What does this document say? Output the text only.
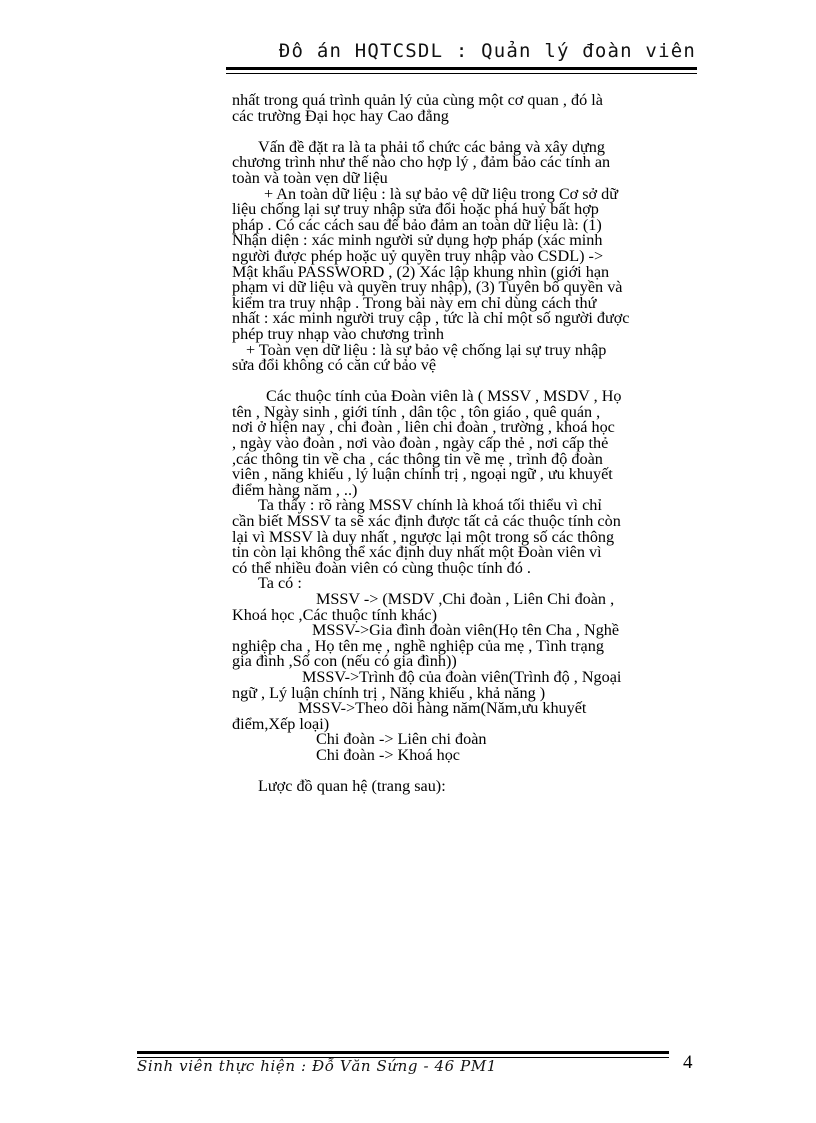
Đô án HQTCSDL : Quản lý đoàn viên
nhất trong quá trình quản lý của cùng một cơ quan , đó là
các trường Đại học hay Cao đẳng
Vấn đề đặt ra là ta phải tổ chức các bảng và xây dựng
chương trình như thế nào cho hợp lý , đảm bảo các tính an
toàn và toàn vẹn dữ liệu
+ An toàn dữ liệu : là sự bảo vệ dữ liệu trong Cơ sở dữ
liệu chống lại sự truy nhập sửa đổi hoặc phá huỷ bất hợp
pháp . Có các cách sau để bảo đảm an toàn dữ liệu là: (1)
Nhận diện : xác minh người sử dụng hợp pháp (xác minh
người được phép hoặc uỷ quyền truy nhập vào CSDL) ->
Mật khẩu PASSWORD , (2) Xác lập khung nhìn (giới hạn
phạm vi dữ liệu và quyền truy nhập), (3) Tuyên bố quyền và
kiểm tra truy nhập . Trong bài này em chỉ dùng cách thứ
nhất : xác minh người truy cập , tức là chỉ một số người được
phép truy nhạp vào chương trình
+ Toàn vẹn dữ liệu : là sự bảo vệ chống lại sự truy nhập
sửa đổi không có căn cứ bảo vệ
Các thuộc tính của Đoàn viên là ( MSSV , MSDV , Họ
tên , Ngày sinh , giới tính , dân tộc , tôn giáo , quê quán ,
nơi ở hiện nay , chi đoàn , liên chi đoàn , trường , khoá học
, ngày vào đoàn , nơi vào đoàn , ngày cấp thẻ , nơi cấp thẻ
,các thông tin về cha , các thông tin về mẹ , trình độ đoàn
viên , năng khiếu , lý luận chính trị , ngoại ngữ , ưu khuyết
điểm hàng năm , ..)
Ta thấy : rõ ràng MSSV chính là khoá tối thiểu vì chỉ
cần biết MSSV ta sẽ xác định được tất cả các thuộc tính còn
lại vì MSSV là duy nhất , ngược lại một trong số các thông
tin còn lại không thể xác định duy nhất một Đoàn viên vì
có thể nhiều đoàn viên có cùng thuộc tính đó .
Ta có :
MSSV -> (MSDV ,Chi đoàn , Liên Chi đoàn ,
Khoá học ,Các thuộc tính khác)
MSSV->Gia đình đoàn viên(Họ tên Cha , Nghề
nghiệp cha , Họ tên mẹ , nghề nghiệp của mẹ , Tình trạng
gia đình ,Số con (nếu có gia đình))
MSSV->Trình độ của đoàn viên(Trình độ , Ngoại
ngữ , Lý luận chính trị , Năng khiếu , khả năng )
MSSV->Theo dõi hàng năm(Năm,ưu khuyết
điểm,Xếp loại)
Chi đoàn -> Liên chi đoàn
Chi đoàn -> Khoá học
Lược đồ quan hệ (trang sau):
Sinh viên thực hiện : Đỗ Văn Sứng - 46 PM1	4
